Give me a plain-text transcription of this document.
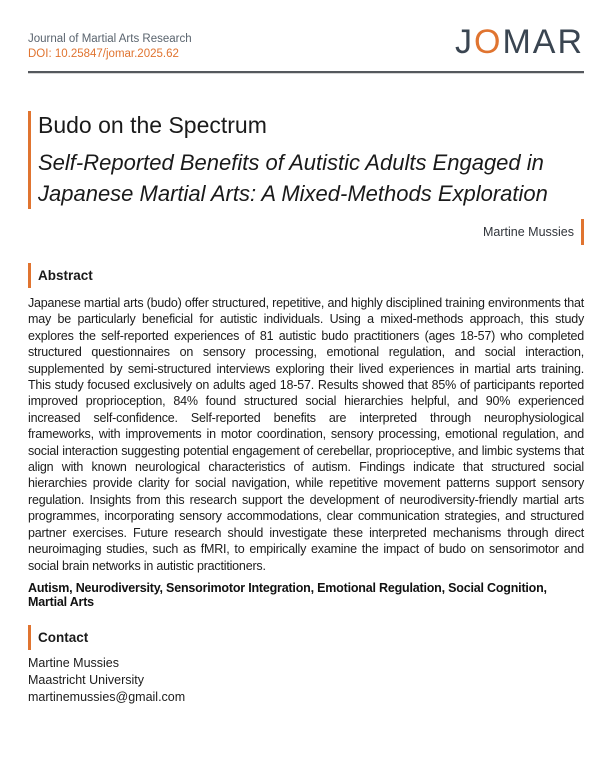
Journal of Martial Arts Research
DOI: 10.25847/jomar.2025.62	JOMAR
Budo on the Spectrum
Self-Reported Benefits of Autistic Adults Engaged in Japanese Martial Arts: A Mixed-Methods Exploration
Martine Mussies
Abstract
Japanese martial arts (budo) offer structured, repetitive, and highly disciplined training environments that may be particularly beneficial for autistic individuals. Using a mixed-methods approach, this study explores the self-reported experiences of 81 autistic budo practitioners (ages 18-57) who completed structured questionnaires on sensory processing, emotional regulation, and social interaction, supplemented by semi-structured interviews exploring their lived experiences in martial arts training. This study focused exclusively on adults aged 18-57. Results showed that 85% of participants reported improved proprioception, 84% found structured social hierarchies helpful, and 90% experienced increased self-confidence. Self-reported benefits are interpreted through neurophysiological frameworks, with improvements in motor coordination, sensory processing, emotional regulation, and social interaction suggesting potential engagement of cerebellar, proprioceptive, and limbic systems that align with known neurological characteristics of autism. Findings indicate that structured social hierarchies provide clarity for social navigation, while repetitive movement patterns support sensory regulation. Insights from this research support the development of neurodiversity-friendly martial arts programmes, incorporating sensory accommodations, clear communication strategies, and structured partner exercises. Future research should investigate these interpreted mechanisms through direct neuroimaging studies, such as fMRI, to empirically examine the impact of budo on sensorimotor and social brain networks in autistic practitioners.
Autism, Neurodiversity, Sensorimotor Integration, Emotional Regulation, Social Cognition, Martial Arts
Contact
Martine Mussies
Maastricht University
martinemussies@gmail.com
